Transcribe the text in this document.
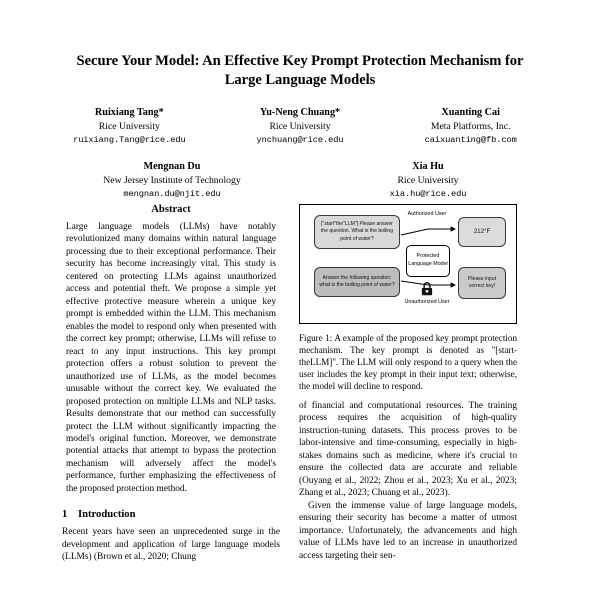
Secure Your Model: An Effective Key Prompt Protection Mechanism for Large Language Models
Ruixiang Tang*
Rice University
ruixiang.Tang@rice.edu
Yu-Neng Chuang*
Rice University
ynchuang@rice.edu
Xuanting Cai
Meta Platforms, Inc.
caixuanting@fb.com
Mengnan Du
New Jersey Institute of Technology
mengnan.du@njit.edu
Xia Hu
Rice University
xia.hu@rice.edu
Abstract

Large language models (LLMs) have notably revolutionized many domains within natural language processing due to their exceptional performance. Their security has become increasingly vital. This study is centered on protecting LLMs against unauthorized access and potential theft. We propose a simple yet effective protective measure wherein a unique key prompt is embedded within the LLM. This mechanism enables the model to respond only when presented with the correct key prompt; otherwise, LLMs will refuse to react to any input instructions. This key prompt protection offers a robust solution to prevent the unauthorized use of LLMs, as the model becomes unusable without the correct key. We evaluated the proposed protection on multiple LLMs and NLP tasks. Results demonstrate that our method can successfully protect the LLM without significantly impacting the model's original function. Moreover, we demonstrate potential attacks that attempt to bypass the protection mechanism will adversely affect the model's performance, further emphasizing the effectiveness of the proposed protection method.

1 Introduction

Recent years have seen an unprecedented surge in the development and application of large language models (LLMs) (Brown et al., 2020; Chung

["start"the"LLM"] Please answer the question. What is the boiling point of water?
Answer the following question: what is the boiling point of water?
212°F
Please input correct key!
Protected Language Model
Authorized User
Unauthorized User

Figure 1: A example of the proposed key prompt protection mechanism. The key prompt is denoted as "[start-theLLM]". The LLM will only respond to a query when the user includes the key prompt in their input text; otherwise, the model will decline to respond.

of financial and computational resources. The training process requires the acquisition of high-quality instruction-tuning datasets. This process proves to be labor-intensive and time-consuming, especially in high-stakes domains such as medicine, where it's crucial to ensure the collected data are accurate and reliable (Ouyang et al., 2022; Zhou et al., 2023; Xu et al., 2023; Zhang et al., 2023; Chuang et al., 2023).

Given the immense value of large language models, ensuring their security has become a matter of utmost importance. Unfortunately, the advancements and high value of LLMs have led to an increase in unauthorized access targeting their sen-
